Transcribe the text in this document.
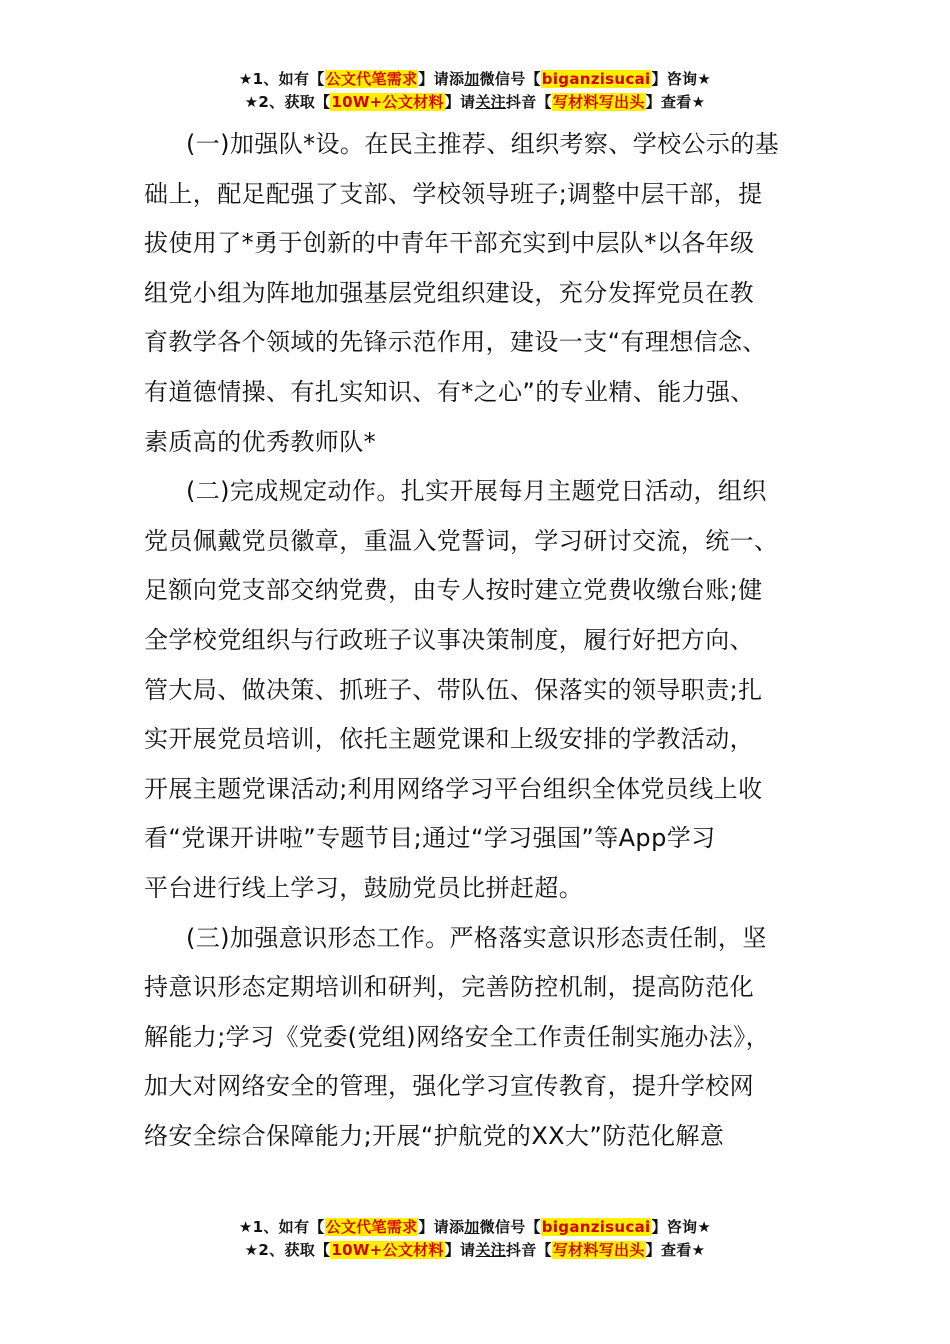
★1、如有【公文代笔需求】请添加微信号【biganzisucai】咨询★
★2、获取【10W+公文材料】请关注抖音【写材料写出头】查看★
(一)加强队*设。在民主推荐、组织考察、学校公示的基
础上，配足配强了支部、学校领导班子;调整中层干部，提
拔使用了*勇于创新的中青年干部充实到中层队*以各年级
组党小组为阵地加强基层党组织建设，充分发挥党员在教
育教学各个领域的先锋示范作用，建设一支“有理想信念、
有道德情操、有扎实知识、有*之心”的专业精、能力强、
素质高的优秀教师队*
(二)完成规定动作。扎实开展每月主题党日活动，组织
党员佩戴党员徽章，重温入党誓词，学习研讨交流，统一、
足额向党支部交纳党费，由专人按时建立党费收缴台账;健
全学校党组织与行政班子议事决策制度，履行好把方向、
管大局、做决策、抓班子、带队伍、保落实的领导职责;扎
实开展党员培训，依托主题党课和上级安排的学教活动，
开展主题党课活动;利用网络学习平台组织全体党员线上收
看“党课开讲啦”专题节目;通过“学习强国”等App学习
平台进行线上学习，鼓励党员比拼赶超。
(三)加强意识形态工作。严格落实意识形态责任制，坚
持意识形态定期培训和研判，完善防控机制，提高防范化
解能力;学习《党委(党组)网络安全工作责任制实施办法》，
加大对网络安全的管理，强化学习宣传教育，提升学校网
络安全综合保障能力;开展“护航党的XX大”防范化解意
★1、如有【公文代笔需求】请添加微信号【biganzisucai】咨询★
★2、获取【10W+公文材料】请关注抖音【写材料写出头】查看★
